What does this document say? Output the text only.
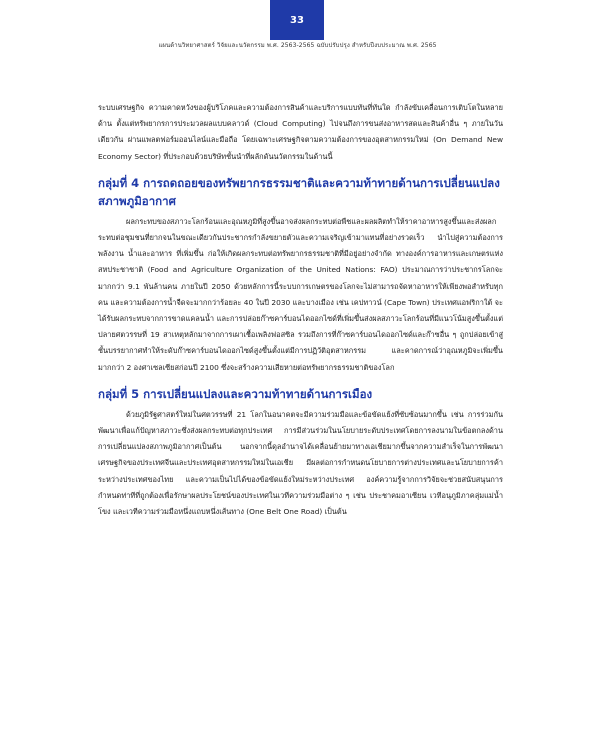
33
แผนด้านวิทยาศาสตร์ วิจัยและนวัตกรรม พ.ศ. 2563-2565 ฉบับปรับปรุง สำหรับปีงบประมาณ พ.ศ. 2565

ระบบเศรษฐกิจ ความคาดหวังของผู้บริโภคและความต้องการสินค้าและบริการแบบทันที่ทันใด กำลังขับเคลื่อนการเติบโตในหลายด้าน ตั้งแต่ทรัพยากรการประมวลผลแบบคลาวด์ (Cloud Computing) ไปจนถึงการขนส่งอาหารสดและสินค้าอื่น ๆ ภายในวันเดียวกัน ผ่านแพลตฟอร์มออนไลน์และมือถือ โดยเฉพาะเศรษฐกิจตามความต้องการของอุตสาหกรรมใหม่ (On Demand New Economy Sector) ที่ประกอบด้วยบริษัทชั้นนำที่ผลักดันนวัตกรรมในด้านนี้

กลุ่มที่ 4 การถดถอยของทรัพยากรธรรมชาติและความท้าทายด้านการเปลี่ยนแปลงสภาพภูมิอากาศ

ผลกระทบของสภาวะโลกร้อนและอุณหภูมิที่สูงขึ้นอาจส่งผลกระทบต่อพืชและผลผลิตทำให้ราคาอาหารสูงขึ้นและส่งผลกระทบต่อชุมชนที่ยากจนในขณะเดียวกันประชากรกำลังขยายตัวและความเจริญเข้ามาแทนที่อย่างรวดเร็ว นำไปสู่ความต้องการพลังงาน น้ำและอาหาร ที่เพิ่มขึ้น ก่อให้เกิดผลกระทบต่อทรัพยากรธรรมชาติที่มีอยู่อย่างจำกัด ทางองค์การอาหารและเกษตรแห่งสหประชาชาติ (Food and Agriculture Organization of the United Nations: FAO) ประมาณการว่าประชากรโลกจะมากกว่า 9.1 พันล้านคน ภายในปี 2050 ด้วยหลักการนี้ระบบการเกษตรของโลกจะไม่สามารถจัดหาอาหารให้เพียงพอสำหรับทุกคน และความต้องการน้ำจืดจะมากกว่าร้อยละ 40 ในปี 2030 และบางเมือง เช่น เคปทาวน์ (Cape Town) ประเทศแอฟริกาใต้ จะได้รับผลกระทบจากการขาดแคลนน้ำ และการปล่อยก๊าซคาร์บอนไดออกไซด์ที่เพิ่มขึ้นส่งผลสภาวะโลกร้อนที่มีแนวโน้มสูงขึ้นตั้งแต่ปลายศตวรรษที่ 19 สาเหตุหลักมาจากการเผาเชื้อเพลิงฟอสซิล รวมถึงการที่ก๊าซคาร์บอนไดออกไซด์และก๊าซอื่น ๆ ถูกปล่อยเข้าสู่ชั้นบรรยากาศทำให้ระดับก๊าซคาร์บอนไดออกไซด์สูงขึ้นตั้งแต่มีการปฏิวัติอุตสาหกรรม และคาดการณ์ว่าอุณหภูมิจะเพิ่มขึ้นมากกว่า 2 องศาเซลเซียสก่อนปี 2100 ซึ่งจะสร้างความเสียหายต่อทรัพยากรธรรมชาติของโลก

กลุ่มที่ 5 การเปลี่ยนแปลงและความท้าทายด้านการเมือง

ด้วยภูมิรัฐศาสตร์ใหม่ในศตวรรษที่ 21 โลกในอนาคตจะมีความร่วมมือและข้อขัดแย้งที่ซับซ้อนมากขึ้น เช่น การร่วมกันพัฒนาเพื่อแก้ปัญหาสภาวะซึ่งส่งผลกระทบต่อทุกประเทศ การมีส่วนร่วมในนโยบายระดับประเทศโดยการลงนามในข้อตกลงด้านการเปลี่ยนแปลงสภาพภูมิอากาศเป็นต้น นอกจากนี้ดุลอำนาจได้เคลื่อนย้ายมาทางเอเชียมากขึ้นจากความสำเร็จในการพัฒนาเศรษฐกิจของประเทศจีนและประเทศอุตสาหกรรมใหม่ในเอเชีย มีผลต่อการกำหนดนโยบายการต่างประเทศและนโยบายการค้าระหว่างประเทศของไทย และความเป็นไปได้ของข้อขัดแย้งใหม่ระหว่างประเทศ องค์ความรู้จากการวิจัยจะช่วยสนับสนุนการกำหนดท่าทีที่ถูกต้องเพื่อรักษาผลประโยชน์ของประเทศในเวทีความร่วมมือต่าง ๆ เช่น ประชาคมอาเซียน เวทีอนุภูมิภาคลุ่มแม่น้ำโขง และเวทีความร่วมมือหนึ่งแถบหนึ่งเส้นทาง (One Belt One Road) เป็นต้น
